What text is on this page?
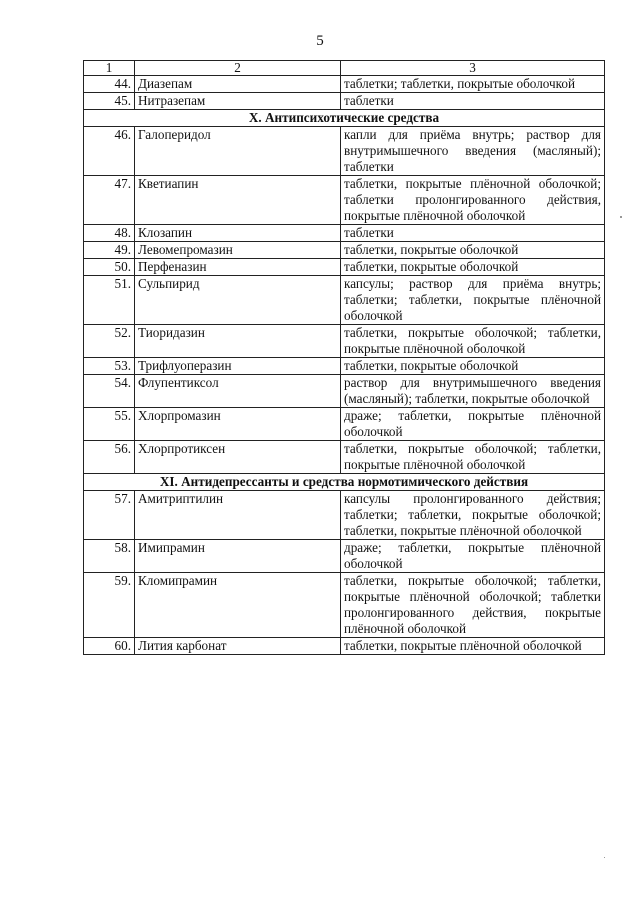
5
1	2	3
44.	Диазепам	таблетки; таблетки, покрытые оболочкой
45.	Нитразепам	таблетки
X. Антипсихотические средства		
46.	Галоперидол	капли для приёма внутрь; раствор для внутримышечного введения (масляный); таблетки
47.	Кветиапин	таблетки, покрытые плёночной оболочкой; таблетки пролонгированного действия, покрытые плёночной оболочкой
48.	Клозапин	таблетки
49.	Левомепромазин	таблетки, покрытые оболочкой
50.	Перфеназин	таблетки, покрытые оболочкой
51.	Сульпирид	капсулы; раствор для приёма внутрь; таблетки; таблетки, покрытые плёночной оболочкой
52.	Тиоридазин	таблетки, покрытые оболочкой; таблетки, покрытые плёночной оболочкой
53.	Трифлуоперазин	таблетки, покрытые оболочкой
54.	Флупентиксол	раствор для внутримышечного введения (масляный); таблетки, покрытые оболочкой
55.	Хлорпромазин	драже; таблетки, покрытые плёночной оболочкой
56.	Хлорпротиксен	таблетки, покрытые оболочкой; таблетки, покрытые плёночной оболочкой
XI. Антидепрессанты и средства нормотимического действия		
57.	Амитриптилин	капсулы пролонгированного действия; таблетки; таблетки, покрытые оболочкой; таблетки, покрытые плёночной оболочкой
58.	Имипрамин	драже; таблетки, покрытые плёночной оболочкой
59.	Кломипрамин	таблетки, покрытые оболочкой; таблетки, покрытые плёночной оболочкой; таблетки пролонгированного действия, покрытые плёночной оболочкой
60.	Лития карбонат	таблетки, покрытые плёночной оболочкой
